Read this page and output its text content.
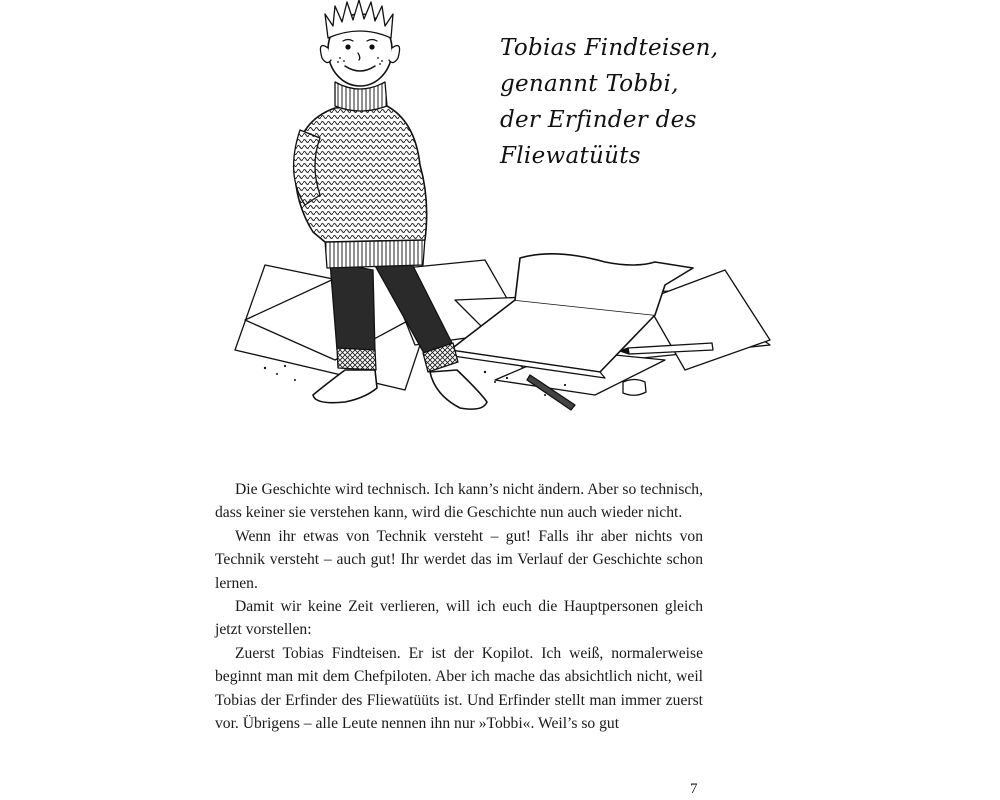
Tobias Findteisen,
genannt Tobbi,
der Erfinder des
Fliewatüüts

Die Geschichte wird technisch. Ich kann’s nicht ändern. Aber so technisch, dass keiner sie verstehen kann, wird die Geschichte nun auch wieder nicht.

Wenn ihr etwas von Technik versteht – gut! Falls ihr aber nichts von Technik versteht – auch gut! Ihr werdet das im Verlauf der Geschichte schon lernen.

Damit wir keine Zeit verlieren, will ich euch die Hauptpersonen gleich jetzt vorstellen:

Zuerst Tobias Findteisen. Er ist der Kopilot. Ich weiß, normalerweise beginnt man mit dem Chefpiloten. Aber ich mache das absichtlich nicht, weil Tobias der Erfinder des Fliewatüüts ist. Und Erfinder stellt man immer zuerst vor. Übrigens – alle Leute nennen ihn nur »Tobbi«. Weil’s so gut

7
